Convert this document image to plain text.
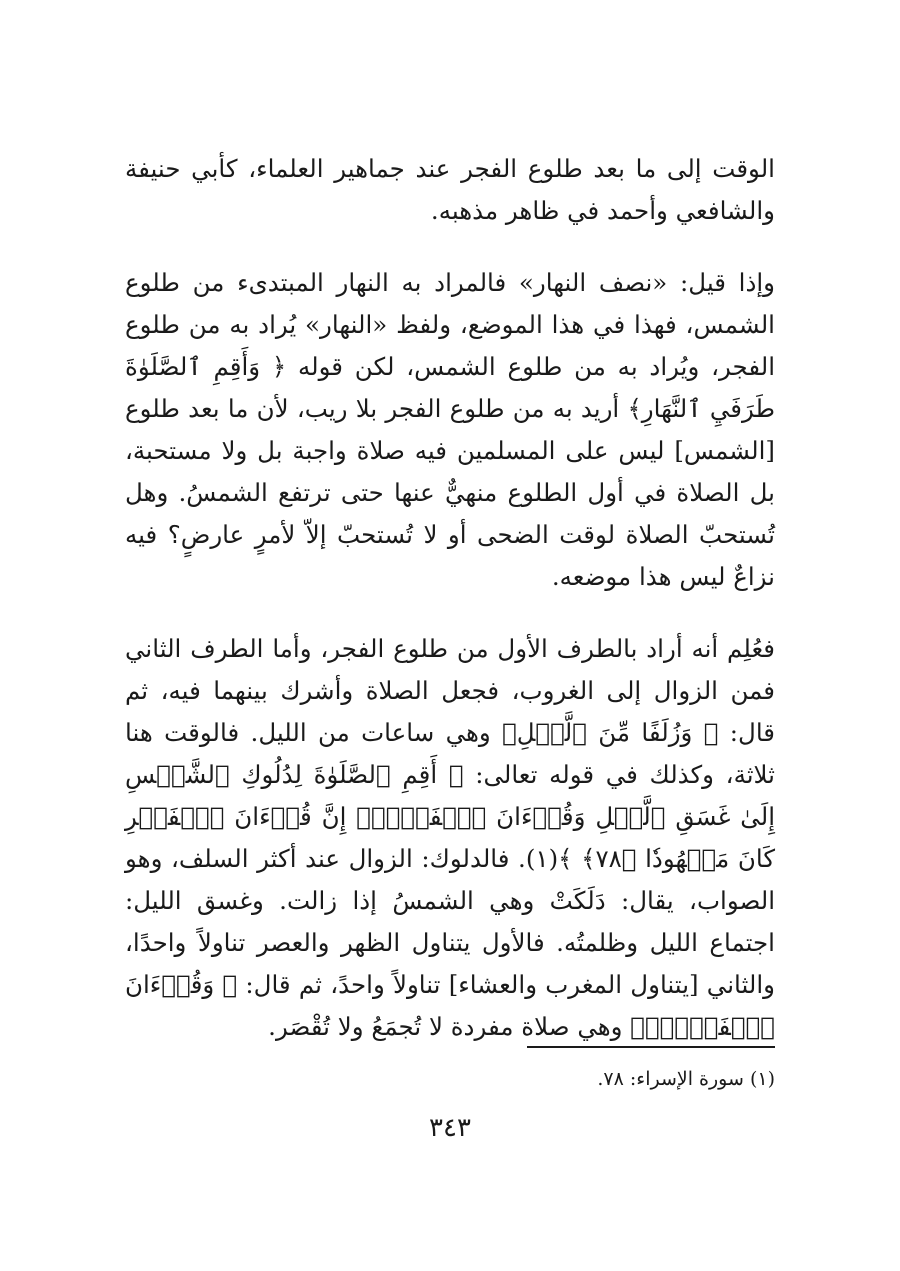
الوقت إلى ما بعد طلوع الفجر عند جماهير العلماء، كأبي حنيفة والشافعي وأحمد في ظاهر مذهبه.

وإذا قيل: «نصف النهار» فالمراد به النهار المبتدىء من طلوع الشمس، فهذا في هذا الموضع، ولفظ «النهار» يُراد به من طلوع الفجر، ويُراد به من طلوع الشمس، لكن قوله ﴿ وَأَقِمِ ٱلصَّلَوٰةَ طَرَفَيِ ٱلنَّهَارِ﴾ أريد به من طلوع الفجر بلا ريب، لأن ما بعد طلوع [الشمس] ليس على المسلمين فيه صلاة واجبة بل ولا مستحبة، بل الصلاة في أول الطلوع منهيٌّ عنها حتى ترتفع الشمسُ. وهل تُستحبّ الصلاة لوقت الضحى أو لا تُستحبّ إلاّ لأمرٍ عارضٍ؟ فيه نزاعٌ ليس هذا موضعه.

فعُلِم أنه أراد بالطرف الأول من طلوع الفجر، وأما الطرف الثاني فمن الزوال إلى الغروب، فجعل الصلاة وأشرك بينهما فيه، ثم قال: ﴿ وَزُلَفًا مِّنَ ٱلَّيۡلِ﴾ وهي ساعات من الليل. فالوقت هنا ثلاثة، وكذلك في قوله تعالى: ﴿ أَقِمِ ٱلصَّلَوٰةَ لِدُلُوكِ ٱلشَّمۡسِ إِلَىٰ غَسَقِ ٱلَّيۡلِ وَقُرۡءَانَ ٱلۡفَجۡرِۖ إِنَّ قُرۡءَانَ ٱلۡفَجۡرِ كَانَ مَشۡهُودٗا ﴿٧٨﴾ ﴾(١). فالدلوك: الزوال عند أكثر السلف، وهو الصواب، يقال: دَلَكَتْ وهي الشمسُ إذا زالت. وغسق الليل: اجتماع الليل وظلمتُه. فالأول يتناول الظهر والعصر تناولاً واحدًا، والثاني [يتناول المغرب والعشاء] تناولاً واحدً، ثم قال: ﴿ وَقُرۡءَانَ ٱلۡفَجۡرِۖ﴾ وهي صلاة مفردة لا تُجمَعُ ولا تُقْصَر.

(١) سورة الإسراء: ٧٨.
٣٤٣
